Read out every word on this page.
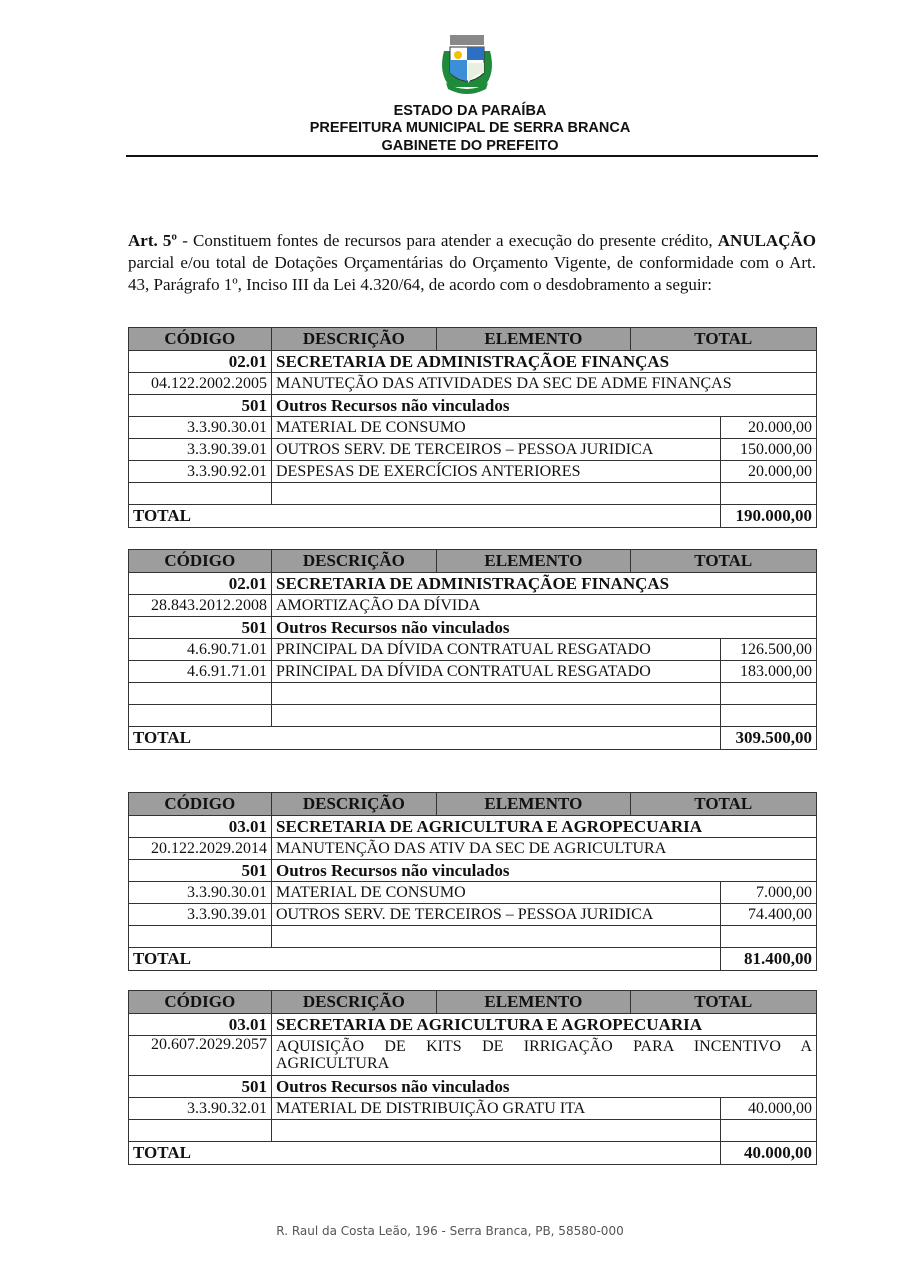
ESTADO DA PARAÍBA
PREFEITURA MUNICIPAL DE SERRA BRANCA
GABINETE DO PREFEITO
Art. 5º - Constituem fontes de recursos para atender a execução do presente crédito, ANULAÇÃO parcial e/ou total de Dotações Orçamentárias do Orçamento Vigente, de conformidade com o Art. 43, Parágrafo 1º, Inciso III da Lei 4.320/64, de acordo com o desdobramento a seguir:
CÓDIGO	DESCRIÇÃO	ELEMENTO	TOTAL
02.01 SECRETARIA DE ADMINISTRAÇÃOE FINANÇAS
04.122.2002.2005 MANUTEÇÃO DAS ATIVIDADES DA SEC DE ADME FINANÇAS
501 Outros Recursos não vinculados
3.3.90.30.01 MATERIAL DE CONSUMO	20.000,00
3.3.90.39.01 OUTROS SERV. DE TERCEIROS – PESSOA JURIDICA	150.000,00
3.3.90.92.01 DESPESAS DE EXERCÍCIOS ANTERIORES	20.000,00
TOTAL	190.000,00
CÓDIGO	DESCRIÇÃO	ELEMENTO	TOTAL
02.01 SECRETARIA DE ADMINISTRAÇÃOE FINANÇAS
28.843.2012.2008 AMORTIZAÇÃO DA DÍVIDA
501 Outros Recursos não vinculados
4.6.90.71.01 PRINCIPAL DA DÍVIDA CONTRATUAL RESGATADO	126.500,00
4.6.91.71.01 PRINCIPAL DA DÍVIDA CONTRATUAL RESGATADO	183.000,00
TOTAL	309.500,00
CÓDIGO	DESCRIÇÃO	ELEMENTO	TOTAL
03.01 SECRETARIA DE AGRICULTURA E AGROPECUARIA
20.122.2029.2014 MANUTENÇÃO DAS ATIV DA SEC DE AGRICULTURA
501 Outros Recursos não vinculados
3.3.90.30.01 MATERIAL DE CONSUMO	7.000,00
3.3.90.39.01 OUTROS SERV. DE TERCEIROS – PESSOA JURIDICA	74.400,00
TOTAL	81.400,00
CÓDIGO	DESCRIÇÃO	ELEMENTO	TOTAL
03.01 SECRETARIA DE AGRICULTURA E AGROPECUARIA
20.607.2029.2057 AQUISIÇÃO DE KITS DE IRRIGAÇÃO PARA INCENTIVO A AGRICULTURA
501 Outros Recursos não vinculados
3.3.90.32.01 MATERIAL DE DISTRIBUIÇÃO GRATU ITA	40.000,00
TOTAL	40.000,00
R. Raul da Costa Leão, 196 - Serra Branca, PB, 58580-000
